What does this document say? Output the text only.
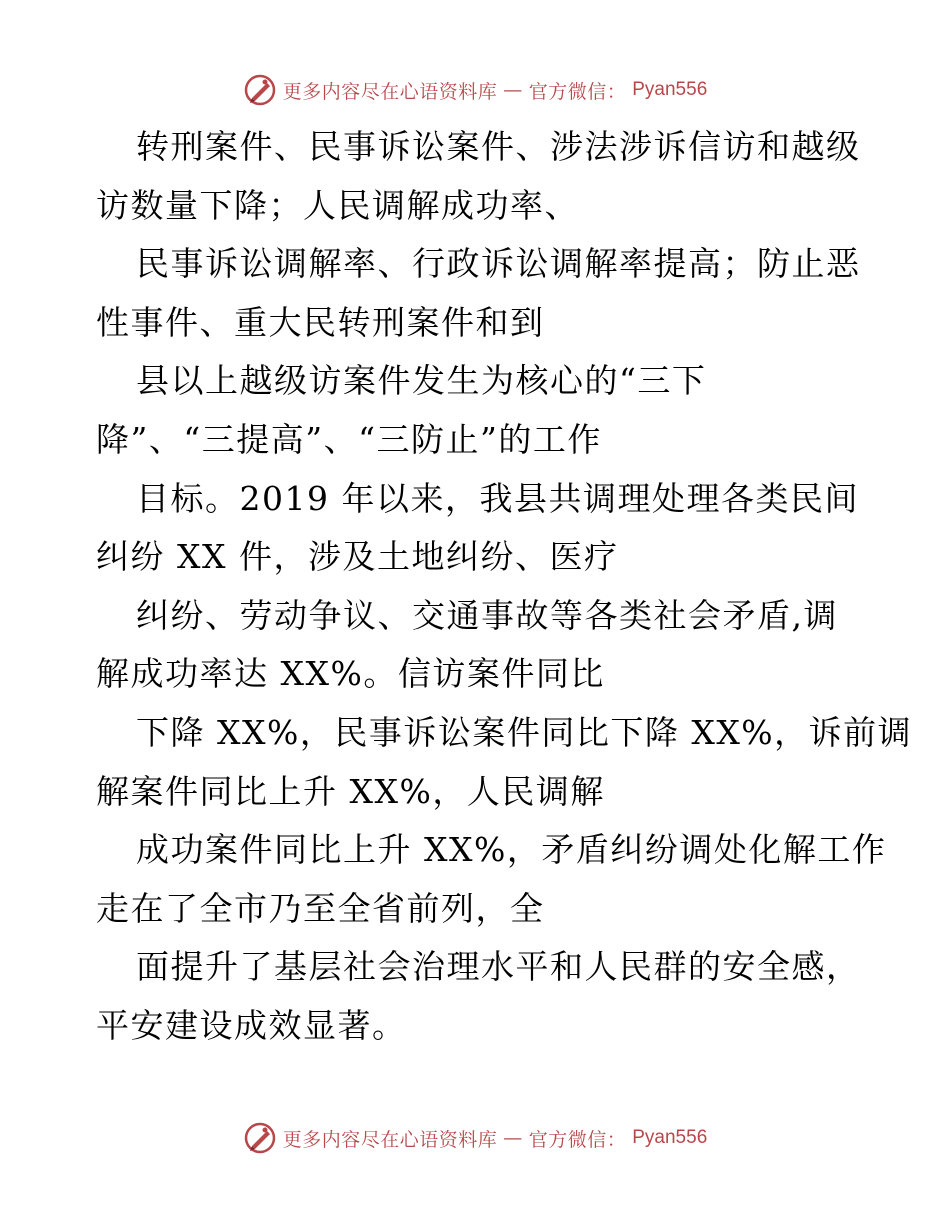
更多内容尽在心语资料库 — 官方微信： Pyan556
转刑案件、民事诉讼案件、涉法涉诉信访和越级
访数量下降；人民调解成功率、
民事诉讼调解率、行政诉讼调解率提高；防止恶
性事件、重大民转刑案件和到
县以上越级访案件发生为核心的“三下
降”、“三提高”、“三防止”的工作
目标。2019 年以来，我县共调理处理各类民间
纠纷 XX 件，涉及土地纠纷、医疗
纠纷、劳动争议、交通事故等各类社会矛盾,调
解成功率达 XX%。信访案件同比
下降 XX%，民事诉讼案件同比下降 XX%，诉前调
解案件同比上升 XX%，人民调解
成功案件同比上升 XX%，矛盾纠纷调处化解工作
走在了全市乃至全省前列，全
面提升了基层社会治理水平和人民群的安全感，
平安建设成效显著。
更多内容尽在心语资料库 — 官方微信： Pyan556
